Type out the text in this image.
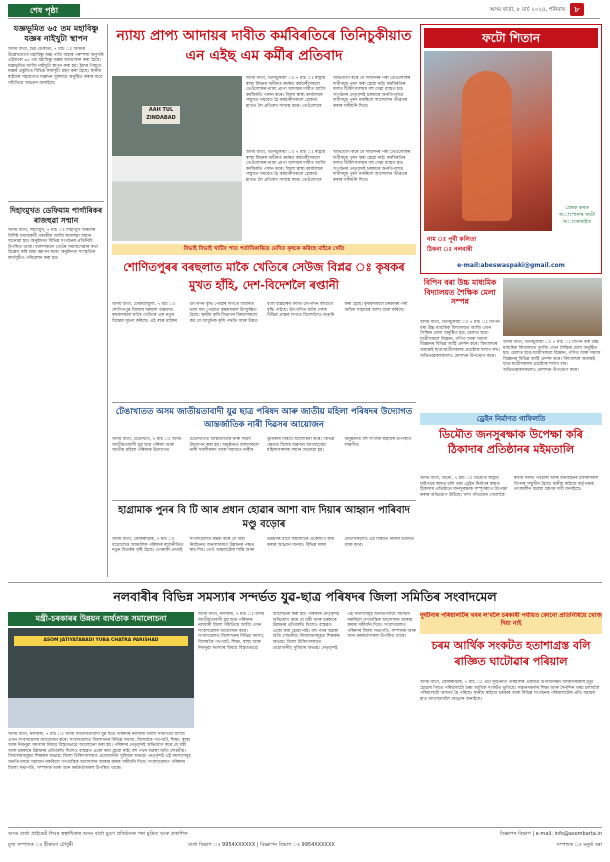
শেষ পৃষ্ঠা	অসম বাৰ্তা, ৮ মাৰ্চ ২০২৫, শনিবাৰ	৮
যজ্ঞভূমিত ৬৫ তম মহাবিষ্ণু যজ্ঞৰ নাইখুটা স্থাপন
অসম বাৰ্তা, শুৱ ডেকাৰ্তী, ৭ মাৰ্চ ঃ অসমৰ উল্লেখযোগ্য মহাবিষ্ণু যজ্ঞ পাতি অহাৰ পৰম্পৰা অনুসৰি এইবাৰো ৬৫ তম মহাবিষ্ণু যজ্ঞৰ আয়োজন কৰা হৈছে। যজ্ঞভূমিত আজি নাইখুটা স্থাপন কৰা হয়। ইয়াৰ পিছতে যজ্ঞৰ প্ৰস্তুতিত বিভিন্ন কাৰ্যসূচী গ্ৰহণ কৰা হৈছে। স্থানীয় ৰাইজৰ সহযোগত যজ্ঞখন সুকলমে অনুষ্ঠিত কৰাৰ বাবে সমিতিয়ে আহ্বান জনাইছে।
দিহাংমুখত ডেফিমাম পাৰ্গাৰিকৰ ৰাজহুৱা সন্মান
অসম বাৰ্তা, দিহাংমুখ, ৭ মাৰ্চ ঃ দিহাংমুখ অঞ্চলৰ বিশিষ্ট সমাজকৰ্মী গৰাকীক আজি ৰাজহুৱা সন্মান জনোৱা হয়। অনুষ্ঠানত বিভিন্ন সংগঠনৰ প্ৰতিনিধি উপস্থিত থাকে। বক্তাসকলে তেওঁৰ সমাজসেৱাৰ কথা উল্লেখ কৰি শ্ৰদ্ধা জ্ঞাপন কৰে। অনুষ্ঠানত সাংস্কৃতিক কাৰ্যসূচীও পৰিৱেশন কৰা হয়।
ন্যায্য প্ৰাপ্য আদায়ৰ দাবীত কৰ্মবিৰতিৰে তিনিচুকীয়াত এন এইছ এম কৰ্মীৰ প্ৰতিবাদ
AAH TUL ZINDABAD
অসম বাৰ্তা, তিনিচুকীয়া ঃ ৭ মাৰ্চ ঃ ৰাষ্ট্ৰীয় স্বাস্থ্য মিছনৰ অধীনত কৰ্মৰত কৰ্মচাৰীসকলে তেওঁলোকৰ ন্যায্য প্ৰাপ্য আদায়ৰ দাবীত আজি কৰ্মবিৰতি পালন কৰে। জিলা স্বাস্থ্য কাৰ্যালয়ৰ সন্মুখত সমবেত হৈ কৰ্মচাৰীসকলে প্লেকাৰ্ড হাতত লৈ প্ৰতিবাদ সাব্যস্ত কৰে। তেওঁলোকে অভিযোগ কৰে যে দীৰ্ঘদিনৰ পৰা তেওঁলোকৰ দাবীসমূহ পূৰণ কৰা হোৱা নাই। কৰ্মবিৰতিৰ ফলত চিকিৎসালয়ৰ বহু সেৱা ব্যাহত হয়। সংগঠনৰ নেতৃবৃন্দই চৰকাৰে অনতিপলমে দাবীসমূহ পূৰণ নকৰিলে আন্দোলন তীব্ৰতৰ কৰাৰ সকীয়নি দিয়ে।
অসম বাৰ্তা, তিনিচুকীয়া ঃ ৭ মাৰ্চ ঃ ৰাষ্ট্ৰীয় স্বাস্থ্য মিছনৰ অধীনত কৰ্মৰত কৰ্মচাৰীসকলে তেওঁলোকৰ ন্যায্য প্ৰাপ্য আদায়ৰ দাবীত আজি কৰ্মবিৰতি পালন কৰে। জিলা স্বাস্থ্য কাৰ্যালয়ৰ সন্মুখত সমবেত হৈ কৰ্মচাৰীসকলে প্লেকাৰ্ড হাতত লৈ প্ৰতিবাদ সাব্যস্ত কৰে। তেওঁলোকে অভিযোগ কৰে যে দীৰ্ঘদিনৰ পৰা তেওঁলোকৰ দাবীসমূহ পূৰণ কৰা হোৱা নাই। কৰ্মবিৰতিৰ ফলত চিকিৎসালয়ৰ বহু সেৱা ব্যাহত হয়। সংগঠনৰ নেতৃবৃন্দই চৰকাৰে অনতিপলমে দাবীসমূহ পূৰণ নকৰিলে আন্দোলন তীব্ৰতৰ কৰাৰ সকীয়নি দিয়ে।
বিভাই বিভাই খাটিব পাত পৰ্তাবিকাৰিয়ে মেদিত কৃষকে কৰিছে মাইৰে খেতি
ফটো শিতান
প্ৰেৰক কৰক অাপোনাৰ ফটো অাকোৰাইত
নাম ঃ পূৰ্বী কলিতা
ঠিকনা ঃ নলবাৰী
e-mail:abeswaspaki@gmail.com
বিপিন বৰা উচ্চ মাধ্যমিক বিদ্যালয়ত শৈক্ষিক মেলা সম্পন্ন
অসম বাৰ্তা, তিনিচুকীয়া ঃ ৭ মাৰ্চ ঃ বিপিন বৰা উচ্চ মাধ্যমিক বিদ্যালয়ত আজি এখন শৈক্ষিক মেলা অনুষ্ঠিত হয়। মেলাত ছাত্ৰ-ছাত্ৰীসকলে বিজ্ঞান, গণিত আৰু সমাজ বিজ্ঞানৰ বিভিন্ন আৰ্হি প্ৰদৰ্শন কৰে। বিদ্যালয়ৰ অধ্যক্ষই ছাত্ৰ-ছাত্ৰীসকলৰ প্ৰচেষ্টাক শলাগ লয়। অভিভাৱকসকলেও মেলাখন উপভোগ কৰে।
অসম বাৰ্তা, তিনিচুকীয়া ঃ ৭ মাৰ্চ ঃ বিপিন বৰা উচ্চ মাধ্যমিক বিদ্যালয়ত আজি এখন শৈক্ষিক মেলা অনুষ্ঠিত হয়। মেলাত ছাত্ৰ-ছাত্ৰীসকলে বিজ্ঞান, গণিত আৰু সমাজ বিজ্ঞানৰ বিভিন্ন আৰ্হি প্ৰদৰ্শন কৰে। বিদ্যালয়ৰ অধ্যক্ষই ছাত্ৰ-ছাত্ৰীসকলৰ প্ৰচেষ্টাক শলাগ লয়। অভিভাৱকসকলেও মেলাখন উপভোগ কৰে।
শোণিতপুৰৰ বৰছলাত মাকৈ খেতিৰে সেউজ বিপ্লৱ ঃ কৃষকৰ মুখত হাঁহি, দেশ-বিদেশলৈ ৰপ্তানী
অসম বাৰ্তা, ঢেকিয়াজুলি, ৭ মাৰ্চ ঃ শোণিতপুৰ জিলাৰ বৰছলা অঞ্চলত কৃষকসকলে মাকৈ খেতিৰে এক নতুন বিপ্লৱৰ সূচনা কৰিছে। এই বছৰ মাকৈৰ উৎপাদন বৃদ্ধি পোৱাৰ লগতে বজাৰত ভাল দাম পোৱাত কৃষকসকল উৎফুল্লিত হৈছে। স্থানীয় কৃষি বিভাগৰ বিষয়াসকলে কয় যে আধুনিক কৃষি পদ্ধতি আৰু উন্নত বীজ ব্যৱহাৰৰ ফলত উৎপাদন বহুগুণে বৃদ্ধি পাইছে। উৎপাদিত মাকৈ দেশৰ বিভিন্ন প্ৰান্তৰ লগতে বিদেশলৈও ৰপ্তানি কৰা হৈছে। কৃষকসকলে চৰকাৰৰ পৰা অধিক সাহায্যৰ আশা ব্যক্ত কৰিছে।
ড্ৰেইন নিৰ্মাণত গাফিলতি
ডিমৌত জনসুৰক্ষাক উপেক্ষা কৰি ঠিকাদাৰ প্ৰতিষ্ঠানৰ মইমতালি
অসম বাৰ্তা, ডিমৌ, ৭ মাৰ্চ ঃ ডিমৌত ৰাষ্ট্ৰীয় ঘাইপথৰ কাষত চলি থকা ড্ৰেইন নিৰ্মাণৰ কামত ঠিকাদাৰ প্ৰতিষ্ঠানে জনসুৰক্ষাক সম্পূৰ্ণৰূপে উপেক্ষা কৰাৰ অভিযোগ উঠিছে। খন্দা গাঁতবোৰ খোলাকৈ ৰখাৰ ফলত পথচাৰী আৰু যানবাহনৰ চালকসকল বিপদৰ সন্মুখীন হৈছে। স্থানীয় ৰাইজে কৰ্তৃপক্ষক তৎকালীন ব্যৱস্থা গ্ৰহণৰ দাবী জনাইছে।
টেঙাখাতত অসম জাতীয়তাবাদী যুৱ ছাত্ৰ পৰিষদ আৰু জাতীয় মহিলা পৰিষদৰ উদ্যোগত আন্তৰ্জাতিক নাৰী দিৱসৰ আয়োজন
অসম বাৰ্তা, টেঙাখাত, ৭ মাৰ্চ ঃ অসম জাতীয়তাবাদী যুৱ ছাত্ৰ পৰিষদ আৰু জাতীয় মহিলা পৰিষদৰ উদ্যোগত টেঙাখাতত আন্তৰ্জাতিক নাৰী দিৱস উদযাপন কৰা হয়। অনুষ্ঠানত বক্তাসকলে নাৰী সবলীকৰণ আৰু সমাজত নাৰীৰ ভূমিকাৰ বিষয়ে আলোচনা কৰে। বিভিন্ন ক্ষেত্ৰত বিশেষ অৱদান আগবঢ়োৱা মহিলাসকলক সন্মান জনোৱা হয়। অনুষ্ঠানত বহু সংখ্যক ৰাইজৰ উপস্থিতি লক্ষণীয়।
হাগ্ৰামাক পুনৰ বি টি আৰ প্ৰধান হোৱাৰ আশা বাদ দিয়াৰ আহ্বান পাৰিবাদ মণ্ডু বড়োৰ
অসম বাৰ্তা, কোকৰাঝাৰ, ৭ মাৰ্চ ঃ বড়োলেণ্ড আঞ্চলিক পৰিষদৰ ৰাজনীতিত নতুন বিতৰ্কৰ সৃষ্টি হৈছে। এগৰাকী নেতাই সংবাদমেলত মন্তব্য কৰে যে অহা নিৰ্বাচনত জনসাধাৰণে উন্নয়নৰ পক্ষত ৰায় দিব। তেওঁ অঞ্চলটোৰ শান্তি আৰু উন্নয়নৰ বাবে সকলোকে একেলগে কাম কৰাৰ আহ্বান জনায়। বিভিন্ন দলৰ নেতাসকলেও এই বিষয়ত নিজৰ মতামত ব্যক্ত কৰে।
নলবাৰীৰ বিভিন্ন সমস্যাৰ সন্দৰ্ভত যুৱ-ছাত্ৰ পৰিষদৰ জিলা সমিতিৰ সংবাদমেল
মন্ত্ৰী-চৰকাৰৰ উন্নয়ন ব্যৰ্থতাক সমালোচনা
ASOM JATIYATABADI YUBA CHATRA PARISHAD
অসম বাৰ্তা, নলবাৰী, ৭ মাৰ্চ ঃ অসম জাতীয়তাবাদী যুৱ ছাত্ৰ পৰিষদৰ নলবাৰী জিলা সমিতিয়ে আজি এখন সংবাদমেলৰ আয়োজন কৰে। সংবাদমেলত জিলাখনৰ বিভিন্ন সমস্যা, বিশেষকৈ পথ-ঘাট, শিক্ষা, স্বাস্থ্য আৰু নিবনুৱা সমস্যাৰ বিষয়ে বিস্তৃতভাৱে আলোচনা কৰা হয়। পৰিষদৰ নেতৃবৃন্দই অভিযোগ কৰে যে মন্ত্ৰী আৰু চৰকাৰে উন্নয়নৰ প্ৰতিশ্ৰুতি দিলেও বাস্তৱত একো কাম হোৱা নাই। বহু পথৰ অৱস্থা অতি শোচনীয়। বিদ্যালয়সমূহত শিক্ষকৰ অভাৱ। জিলা চিকিৎসালয়ত প্ৰয়োজনীয় সুবিধাৰ অভাৱ। নেতৃবৃন্দই এই সমস্যাসমূহ অনতিপলমে সমাধান নকৰিলে গণতান্ত্ৰিক আন্দোলন আৰম্ভ কৰাৰ সকীয়নি দিয়ে। সংবাদমেলত পৰিষদৰ জিলা সভাপতি, সম্পাদক আৰু আন কৰ্মকৰ্তাসকল উপস্থিত থাকে।
অসম বাৰ্তা, নলবাৰী, ৭ মাৰ্চ ঃ অসম জাতীয়তাবাদী যুৱ ছাত্ৰ পৰিষদৰ নলবাৰী জিলা সমিতিয়ে আজি এখন সংবাদমেলৰ আয়োজন কৰে। সংবাদমেলত জিলাখনৰ বিভিন্ন সমস্যা, বিশেষকৈ পথ-ঘাট, শিক্ষা, স্বাস্থ্য আৰু নিবনুৱা সমস্যাৰ বিষয়ে বিস্তৃতভাৱে আলোচনা কৰা হয়। পৰিষদৰ নেতৃবৃন্দই অভিযোগ কৰে যে মন্ত্ৰী আৰু চৰকাৰে উন্নয়নৰ প্ৰতিশ্ৰুতি দিলেও বাস্তৱত একো কাম হোৱা নাই। বহু পথৰ অৱস্থা অতি শোচনীয়। বিদ্যালয়সমূহত শিক্ষকৰ অভাৱ। জিলা চিকিৎসালয়ত প্ৰয়োজনীয় সুবিধাৰ অভাৱ। নেতৃবৃন্দই এই সমস্যাসমূহ অনতিপলমে সমাধান নকৰিলে গণতান্ত্ৰিক আন্দোলন আৰম্ভ কৰাৰ সকীয়নি দিয়ে। সংবাদমেলত পৰিষদৰ জিলা সভাপতি, সম্পাদক আৰু আন কৰ্মকৰ্তাসকল উপস্থিত থাকে।
দুৰ্ঘটনাৰ পৰিয়ালটিৰ খবৰ ল'বলৈ চৰকাৰী পৰ্যায়ত কোনো প্ৰতিনিধিয়ে খোজ দিয়া নাই
চৰম আৰ্থিক সংকটত হতাশাগ্ৰস্ত বলি ৰাজ্ঞিত ঘাটোৱাৰ পৰিয়াল
অসম বাৰ্তা, কোকৰাঝাৰ, ৭ মাৰ্চ ঃ এটা দুৰ্ঘটনাত পৰিয়ালৰ একমাত্ৰ উপাৰ্জনক্ষম ব্যক্তিগৰাকীৰ মৃত্যু হোৱাৰ পিছত পৰিয়ালটো চৰম আৰ্থিক সংকটত ভুগিছে। সন্তানসকলৰ শিক্ষা আৰু দৈনন্দিন খৰচ চলাবলৈ পৰিয়ালটো অসমৰ্থ হৈ পৰিছে। স্থানীয় ৰাইজে চৰকাৰ আৰু বিভিন্ন সংগঠনক পৰিয়ালটোৰ প্ৰতি সহায়ৰ হাত আগবঢ়াবলৈ আহ্বান জনাইছে।
অসম বাৰ্তা প্ৰাইভেট লিঃৰ স্বত্বাধিকাৰ অসম বাৰ্তা মুদ্ৰণ প্ৰতিষ্ঠানৰ পৰা মুদ্ৰিত আৰু প্ৰকাশিত	বিজ্ঞাপন বিভাগ | e-mail: info@asombarta.in
মুখ্য সম্পাদক ঃ হীৰামণ চৌধুৰী	বাৰ্তা বিভাগ ঃ 9954XXXXXX | বিজ্ঞাপন বিভাগ ঃ 9954XXXXXX	সম্পাদক ঃ মনুৰ্ষ্য বৰা
